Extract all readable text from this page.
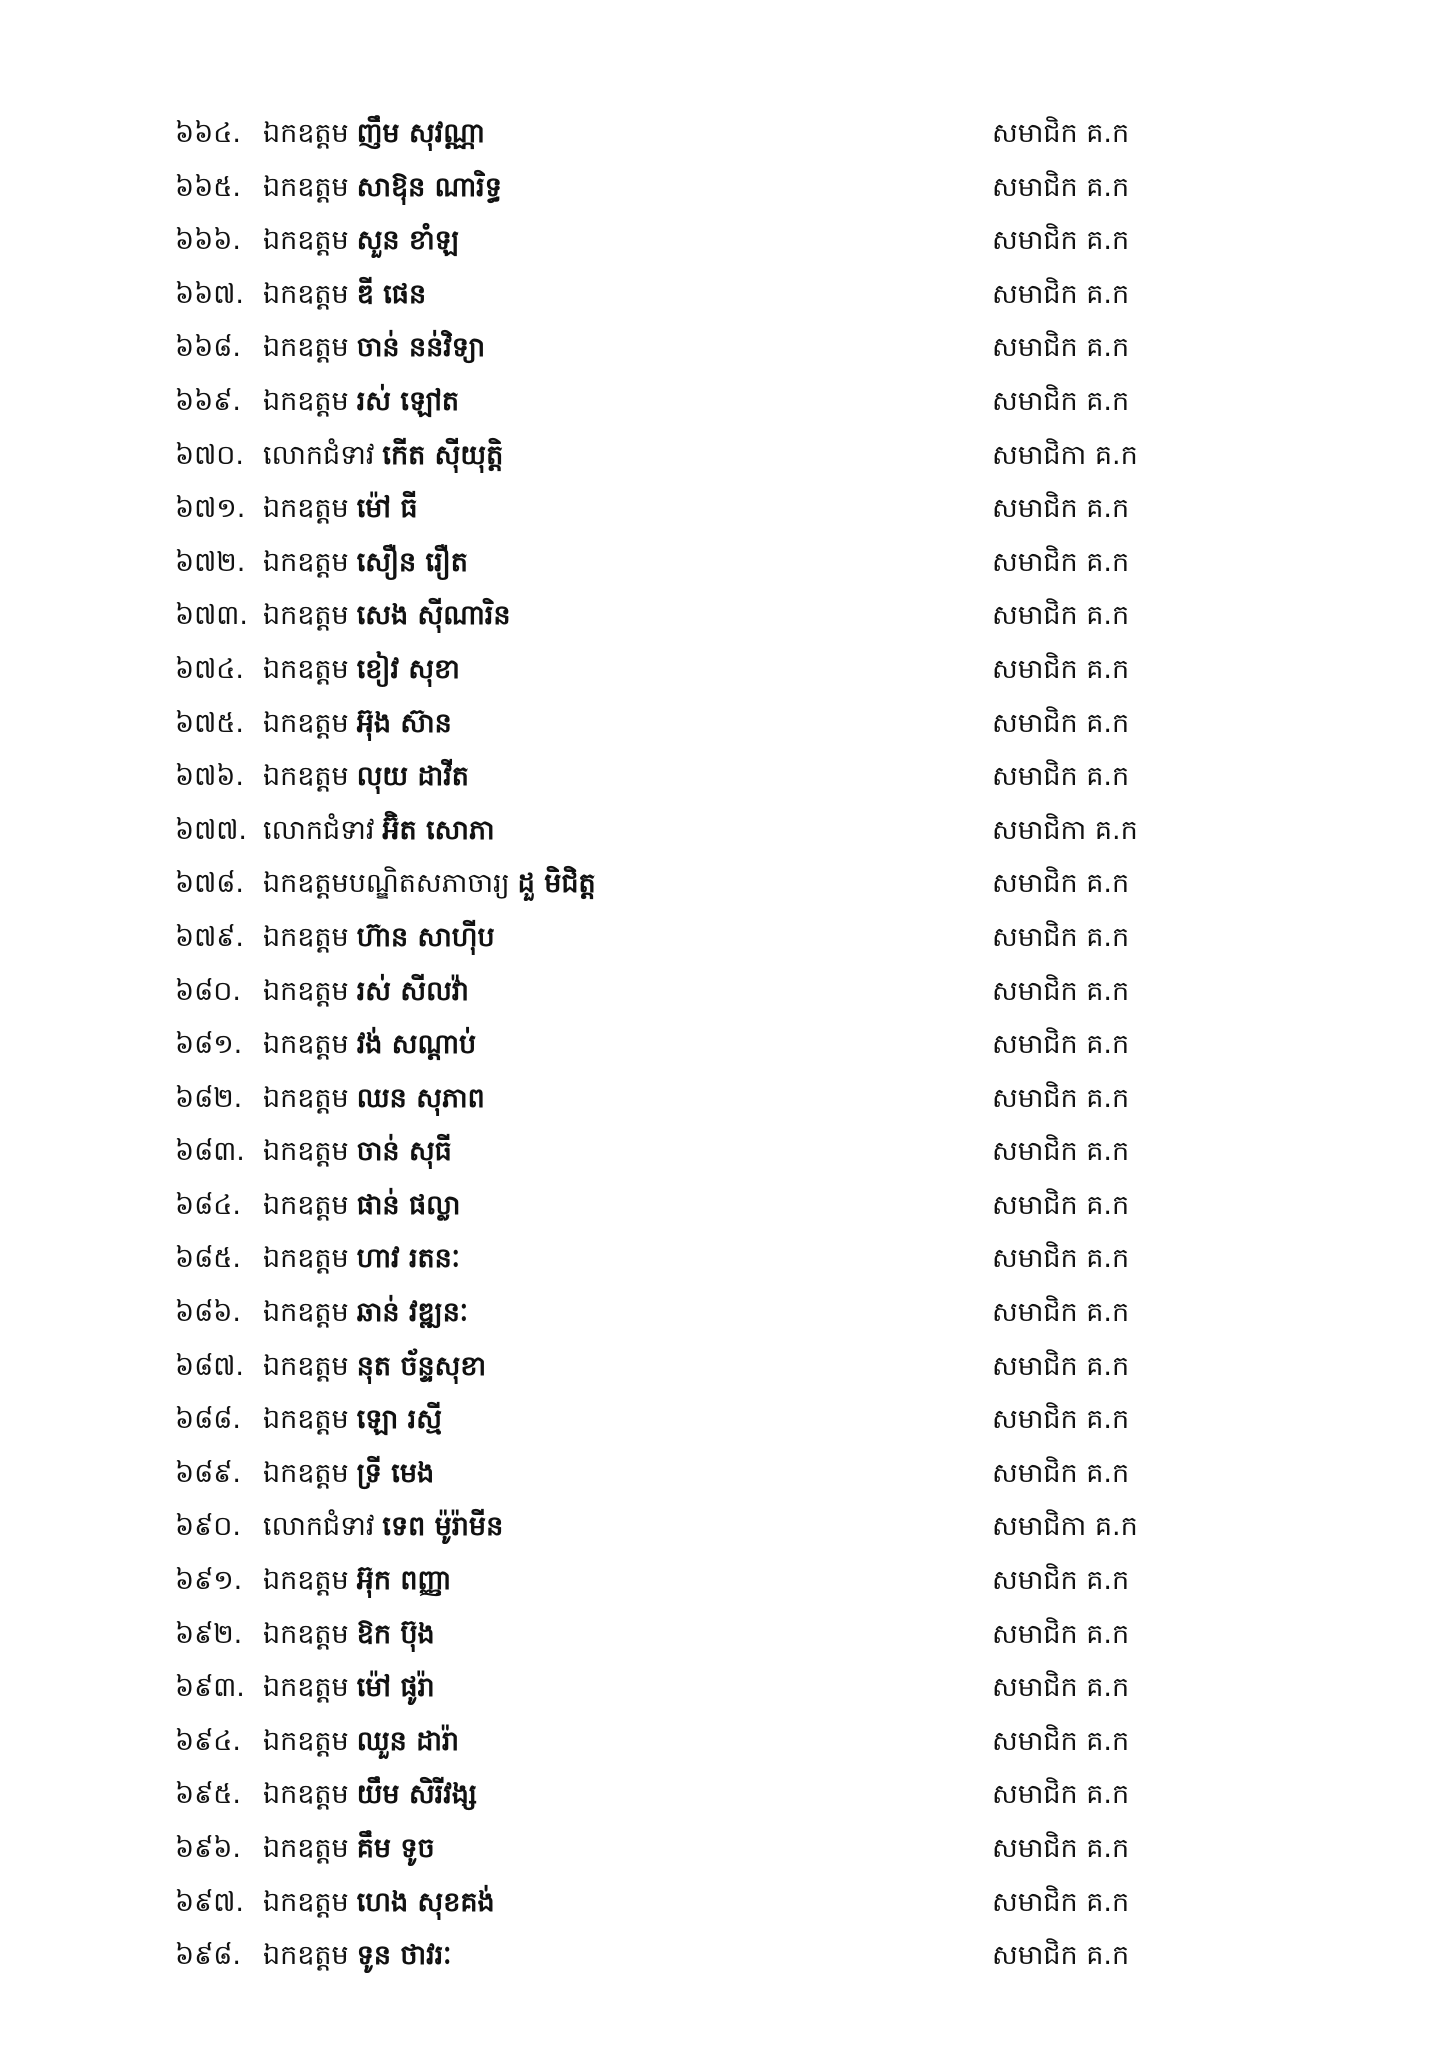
៦៦៤. ឯកឧត្តម ញឹម សុវណ្ណា	សមាជិក គ.ក
៦៦៥. ឯកឧត្តម សាឱុន ណារិទ្ធ	សមាជិក គ.ក
៦៦៦. ឯកឧត្តម សួន ខាំឡ	សមាជិក គ.ក
៦៦៧. ឯកឧត្តម ឌី ផេន	សមាជិក គ.ក
៦៦៨. ឯកឧត្តម ចាន់ នន់វិទ្យា	សមាជិក គ.ក
៦៦៩. ឯកឧត្តម រស់ ឡៅត	សមាជិក គ.ក
៦៧០. លោកជំទាវ កើត ស៊ីយុត្តិ	សមាជិកា គ.ក
៦៧១. ឯកឧត្តម ម៉ៅ ធី	សមាជិក គ.ក
៦៧២. ឯកឧត្តម សឿន រឿត	សមាជិក គ.ក
៦៧៣. ឯកឧត្តម សេង ស៊ីណារិន	សមាជិក គ.ក
៦៧៤. ឯកឧត្តម ខៀវ សុខា	សមាជិក គ.ក
៦៧៥. ឯកឧត្តម អ៊ុង ស៊ាន	សមាជិក គ.ក
៦៧៦. ឯកឧត្តម លុយ ដាវីត	សមាជិក គ.ក
៦៧៧. លោកជំទាវ អ៊ិត សោភា	សមាជិកា គ.ក
៦៧៨. ឯកឧត្តមបណ្ឌិតសភាចារ្យ ដួ មិជិត្ត	សមាជិក គ.ក
៦៧៩. ឯកឧត្តម ហ៊ាន សាហ៊ីប	សមាជិក គ.ក
៦៨០. ឯកឧត្តម រស់ សីលវ៉ា	សមាជិក គ.ក
៦៨១. ឯកឧត្តម វង់ សណ្ដាប់	សមាជិក គ.ក
៦៨២. ឯកឧត្តម ឈន សុភាព	សមាជិក គ.ក
៦៨៣. ឯកឧត្តម ចាន់ សុធី	សមាជិក គ.ក
៦៨៤. ឯកឧត្តម ផាន់ ផល្លា	សមាជិក គ.ក
៦៨៥. ឯកឧត្តម ហាវ រតនៈ	សមាជិក គ.ក
៦៨៦. ឯកឧត្តម ឆាន់ វឌ្ឍនៈ	សមាជិក គ.ក
៦៨៧. ឯកឧត្តម នុត ច័ន្ទសុខា	សមាជិក គ.ក
៦៨៨. ឯកឧត្តម ឡោ រស្មី	សមាជិក គ.ក
៦៨៩. ឯកឧត្តម ទ្រី មេង	សមាជិក គ.ក
៦៩០. លោកជំទាវ ទេព ម៉ូរ៉ាមីន	សមាជិកា គ.ក
៦៩១. ឯកឧត្តម អ៊ុក ពញ្ញា	សមាជិក គ.ក
៦៩២. ឯកឧត្តម ឱក ប៊ុង	សមាជិក គ.ក
៦៩៣. ឯកឧត្តម ម៉ៅ ផូរ៉ា	សមាជិក គ.ក
៦៩៤. ឯកឧត្តម ឈួន ដារ៉ា	សមាជិក គ.ក
៦៩៥. ឯកឧត្តម យឹម សិរីវង្ស	សមាជិក គ.ក
៦៩៦. ឯកឧត្តម គឹម ទូច	សមាជិក គ.ក
៦៩៧. ឯកឧត្តម ហេង សុខគង់	សមាជិក គ.ក
៦៩៨. ឯកឧត្តម ទូន ថាវរៈ	សមាជិក គ.ក
